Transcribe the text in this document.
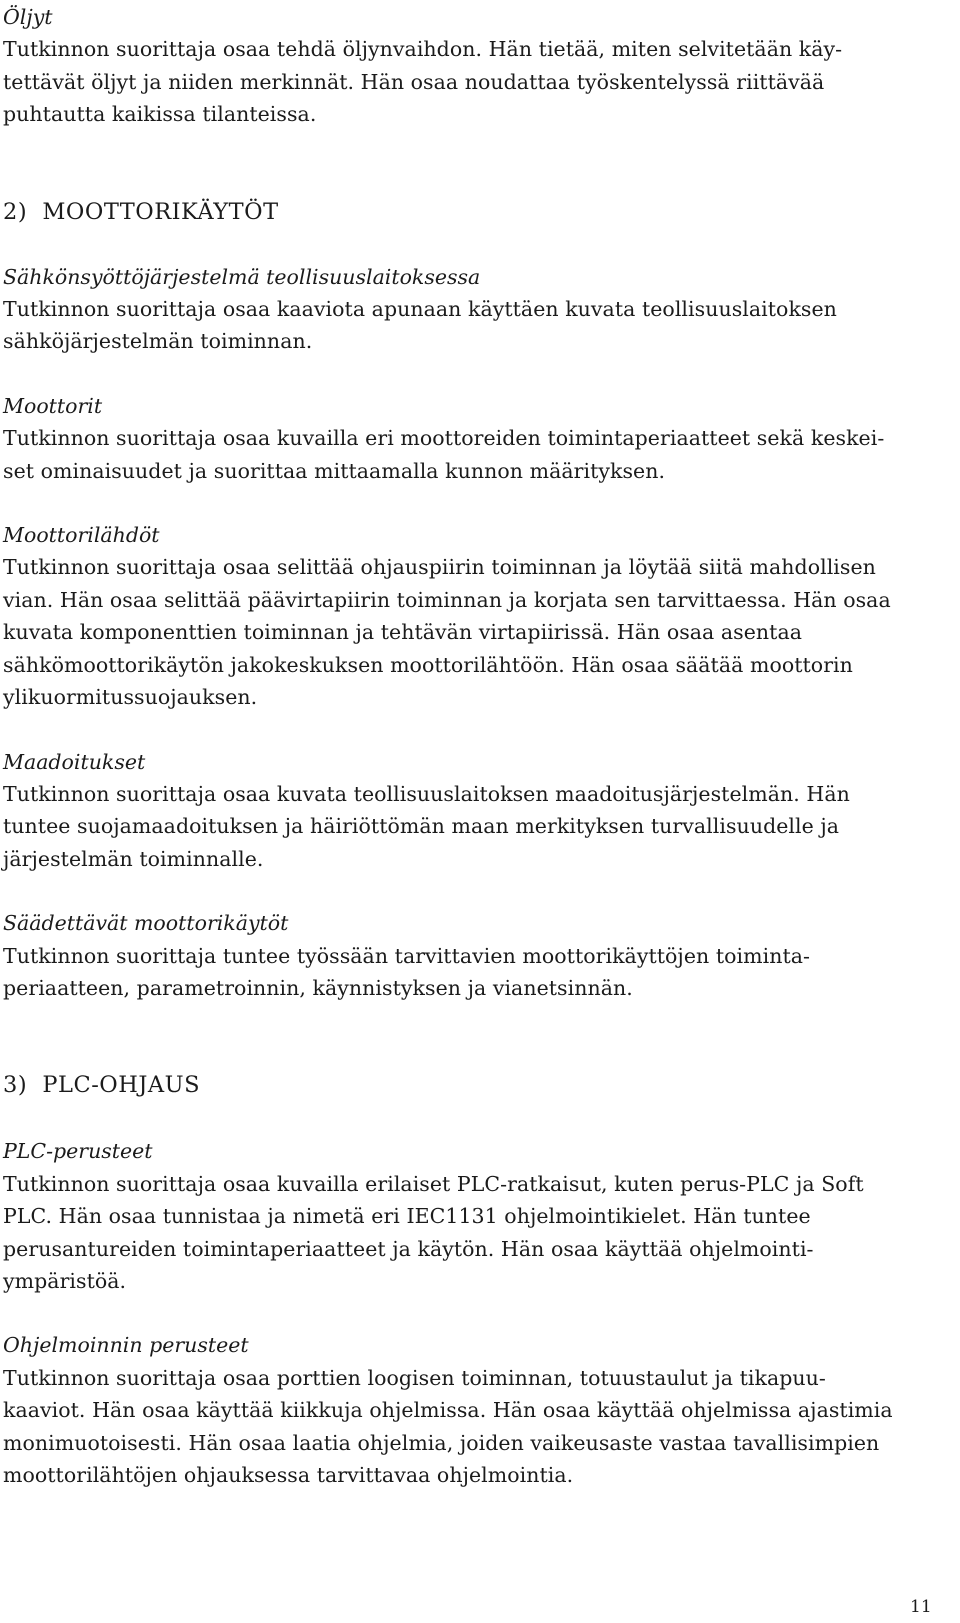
Öljyt

Tutkinnon suorittaja osaa tehdä öljynvaihdon. Hän tietää, miten selvitetään käy-
tettävät öljyt ja niiden merkinnät. Hän osaa noudattaa työskentelyssä riittävää
puhtautta kaikissa tilanteissa.

2)  MOOTTORIKÄYTÖT

Sähkönsyöttöjärjestelmä teollisuuslaitoksessa

Tutkinnon suorittaja osaa kaaviota apunaan käyttäen kuvata teollisuuslaitoksen
sähköjärjestelmän toiminnan.

Moottorit

Tutkinnon suorittaja osaa kuvailla eri moottoreiden toimintaperiaatteet sekä keskei-
set ominaisuudet ja suorittaa mittaamalla kunnon määrityksen.

Moottorilähdöt

Tutkinnon suorittaja osaa selittää ohjauspiirin toiminnan ja löytää siitä mahdollisen
vian. Hän osaa selittää päävirtapiirin toiminnan ja korjata sen tarvittaessa. Hän osaa
kuvata komponenttien toiminnan ja tehtävän virtapiirissä. Hän osaa asentaa
sähkömoottorikäytön jakokeskuksen moottorilähtöön. Hän osaa säätää moottorin
ylikuormitussuojauksen.

Maadoitukset

Tutkinnon suorittaja osaa kuvata teollisuuslaitoksen maadoitusjärjestelmän. Hän
tuntee suojamaadoituksen ja häiriöttömän maan merkityksen turvallisuudelle ja
järjestelmän toiminnalle.

Säädettävät moottorikäytöt

Tutkinnon suorittaja tuntee työssään tarvittavien moottorikäyttöjen toiminta-
periaatteen, parametroinnin, käynnistyksen ja vianetsinnän.

3)  PLC-OHJAUS

PLC-perusteet

Tutkinnon suorittaja osaa kuvailla erilaiset PLC-ratkaisut, kuten perus-PLC ja Soft
PLC. Hän osaa tunnistaa ja nimetä eri IEC1131 ohjelmointikielet. Hän tuntee
perusantureiden toimintaperiaatteet ja käytön. Hän osaa käyttää ohjelmointi-
ympäristöä.

Ohjelmoinnin perusteet

Tutkinnon suorittaja osaa porttien loogisen toiminnan, totuustaulut ja tikapuu-
kaaviot. Hän osaa käyttää kiikkuja ohjelmissa. Hän osaa käyttää ohjelmissa ajastimia
monimuotoisesti. Hän osaa laatia ohjelmia, joiden vaikeusaste vastaa tavallisimpien
moottorilähtöjen ohjauksessa tarvittavaa ohjelmointia.

11
